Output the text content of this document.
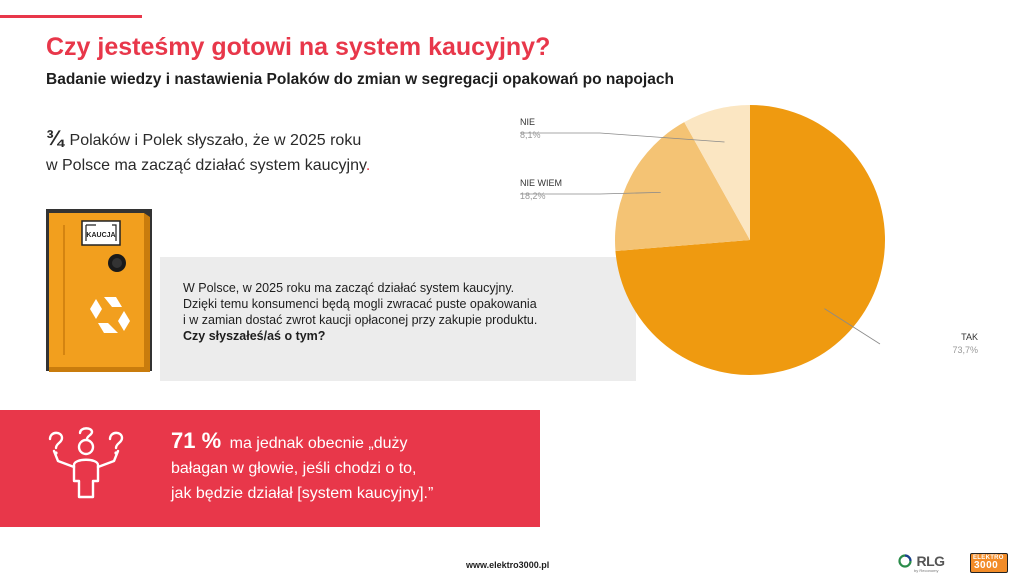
Czy jesteśmy gotowi na system kaucyjny?
Badanie wiedzy i nastawienia Polaków do zmian w segregacji opakowań po napojach
¾ Polaków i Polek słyszało, że w 2025 roku
w Polsce ma zacząć działać system kaucyjny.
W Polsce, w 2025 roku ma zacząć działać system kaucyjny.
Dzięki temu konsumenci będą mogli zwracać puste opakowania
i w zamian dostać zwrot kaucji opłaconej przy zakupie produktu.
Czy słyszałeś/aś o tym?
KAUCJA
71 % ma jednak obecnie „duży
bałagan w głowie, jeśli chodzi o to,
jak będzie działał [system kaucyjny].”
TAK
73,7%
NIE WIEM
18,2%
NIE
8,1%
www.elektro3000.pl	RLG
by Reconomy
ELEKTRO
3000
